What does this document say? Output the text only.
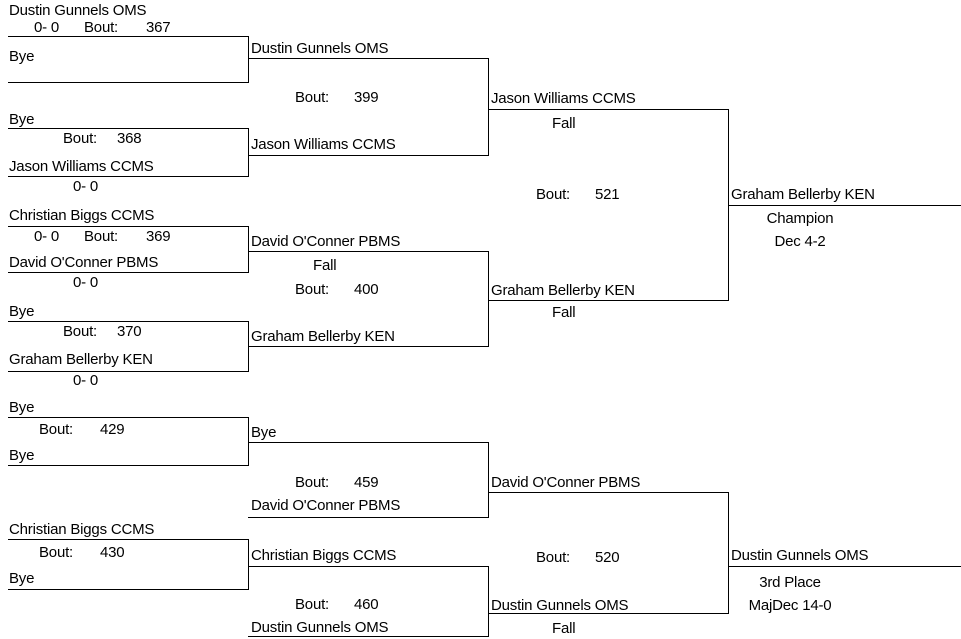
Dustin Gunnels OMS
0- 0 Bout: 367
Bye
Bye
Bout: 368
Jason Williams CCMS
0- 0
Christian Biggs CCMS
0- 0 Bout: 369
David O'Conner PBMS
0- 0
Bye
Bout: 370
Graham Bellerby KEN
0- 0
Dustin Gunnels OMS
Bout: 399
Jason Williams CCMS
David O'Conner PBMS
Fall
Bout: 400
Graham Bellerby KEN
Jason Williams CCMS
Fall
Bout: 521
Graham Bellerby KEN
Fall
Graham Bellerby KEN
Champion
Dec 4-2
Bye
Bout: 429
Bye
Christian Biggs CCMS
Bout: 430
Bye
Bye
Bout: 459
David O'Conner PBMS
Christian Biggs CCMS
Bout: 460
Dustin Gunnels OMS
David O'Conner PBMS
Bout: 520
Dustin Gunnels OMS
Fall
Dustin Gunnels OMS
3rd Place
MajDec 14-0
